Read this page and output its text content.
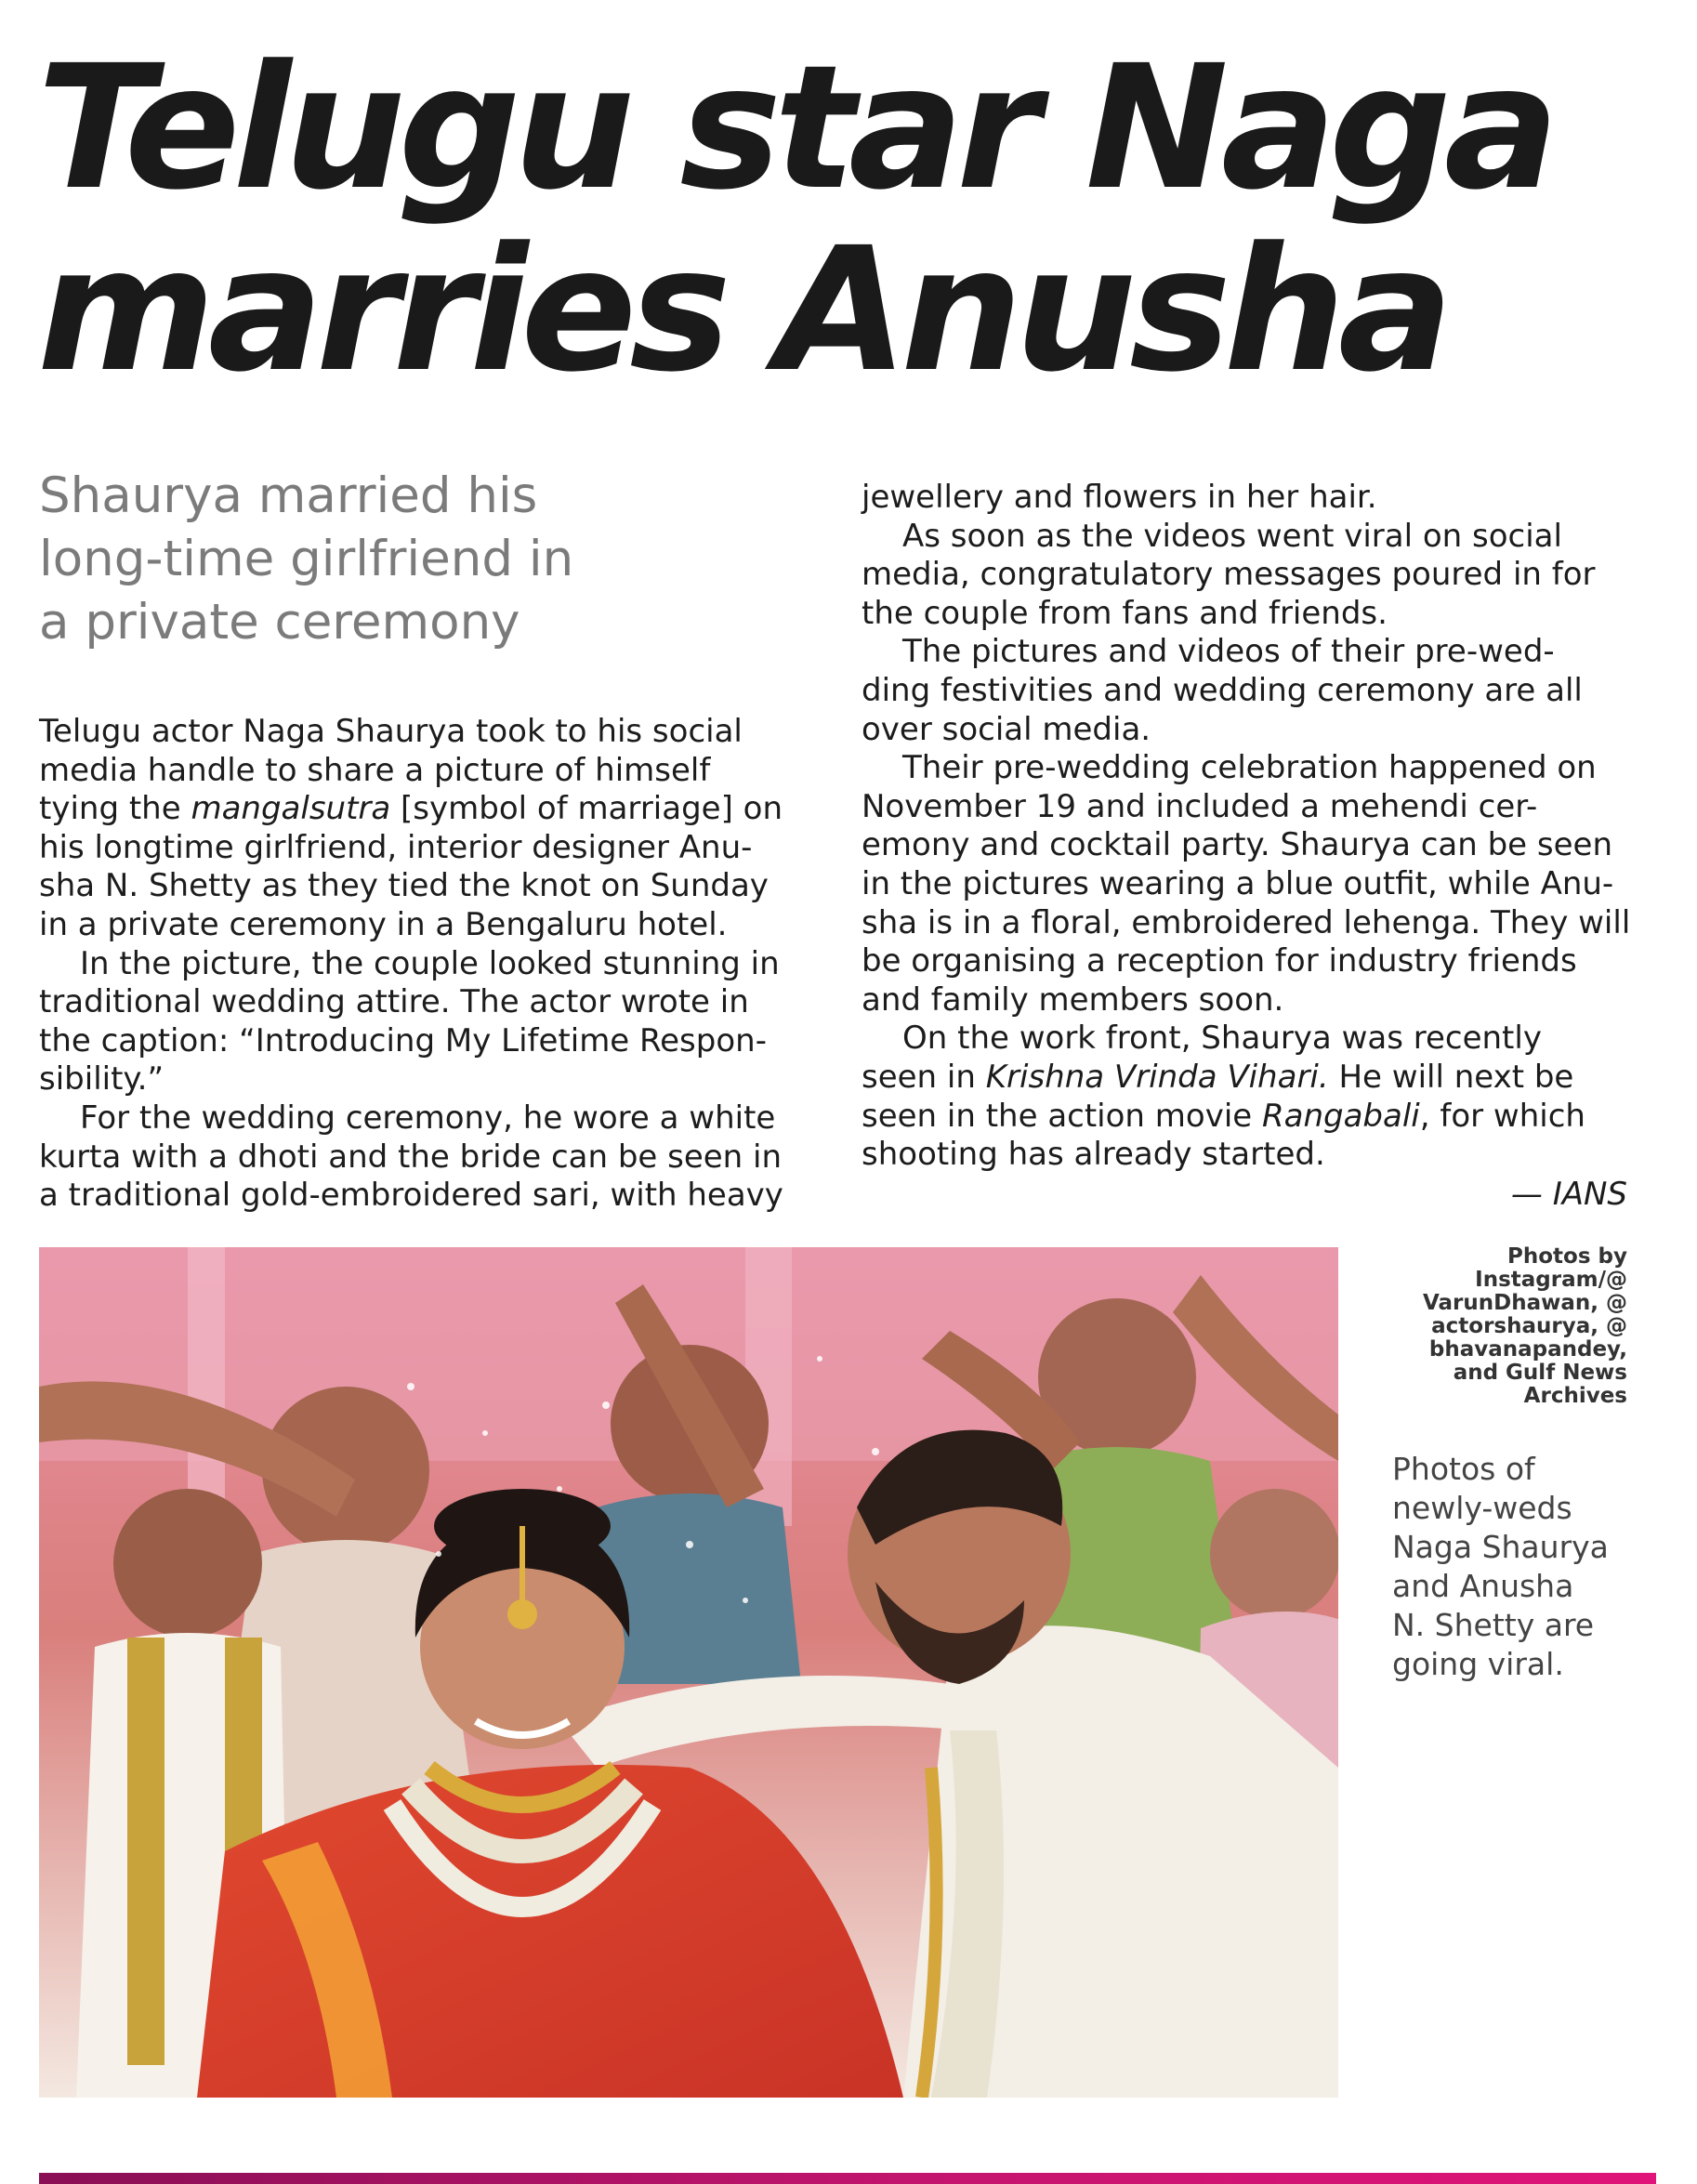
Telugu star Naga
marries Anusha
Shaurya married his
long-time girlfriend in
a private ceremony

Telugu actor Naga Shaurya took to his social
media handle to share a picture of himself
tying the mangalsutra [symbol of marriage] on
his longtime girlfriend, interior designer Anu-
sha N. Shetty as they tied the knot on Sunday
in a private ceremony in a Bengaluru hotel.

In the picture, the couple looked stunning in
traditional wedding attire. The actor wrote in
the caption: “Introducing My Lifetime Respon-
sibility.”

For the wedding ceremony, he wore a white
kurta with a dhoti and the bride can be seen in
a traditional gold-embroidered sari, with heavy

jewellery and flowers in her hair.

As soon as the videos went viral on social
media, congratulatory messages poured in for
the couple from fans and friends.

The pictures and videos of their pre-wed-
ding festivities and wedding ceremony are all
over social media.

Their pre-wedding celebration happened on
November 19 and included a mehendi cer-
emony and cocktail party. Shaurya can be seen
in the pictures wearing a blue outfit, while Anu-
sha is in a floral, embroidered lehenga. They will
be organising a reception for industry friends
and family members soon.

On the work front, Shaurya was recently
seen in Krishna Vrinda Vihari. He will next be
seen in the action movie Rangabali, for which
shooting has already started.

— IANS
Photos by
Instagram/@
VarunDhawan, @
actorshaurya, @
bhavanapandey,
and Gulf News
Archives
Photos of
newly-weds
Naga Shaurya
and Anusha
N. Shetty are
going viral.
